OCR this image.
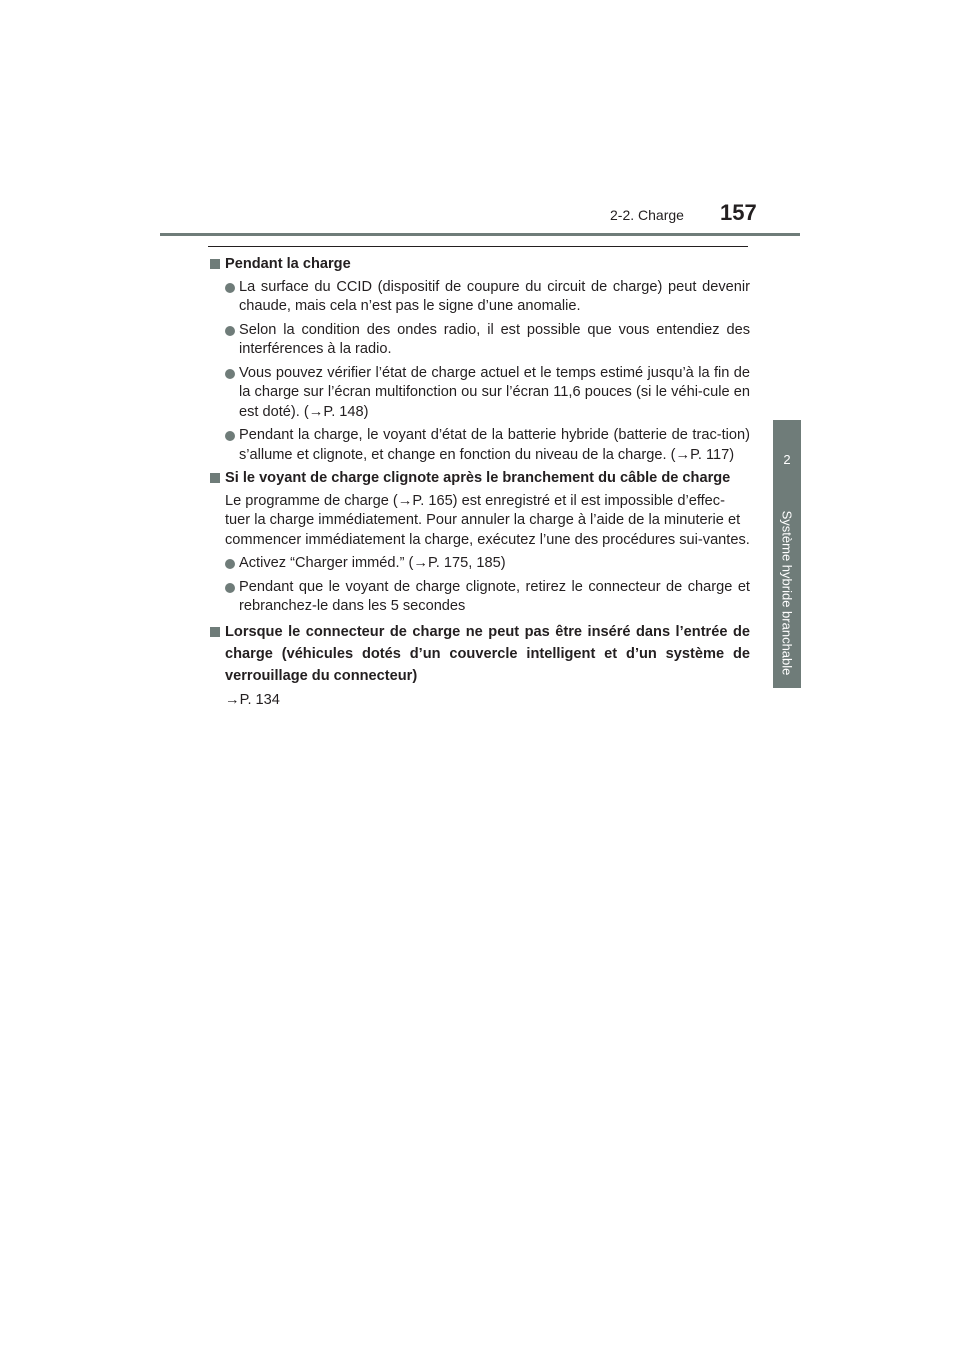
2-2. Charge 157
2
Système hybride branchable
Pendant la charge
La surface du CCID (dispositif de coupure du circuit de charge) peut devenir chaude, mais cela n’est pas le signe d’une anomalie.
Selon la condition des ondes radio, il est possible que vous entendiez des interférences à la radio.
Vous pouvez vérifier l’état de charge actuel et le temps estimé jusqu’à la fin de la charge sur l’écran multifonction ou sur l’écran 11,6 pouces (si le véhi-cule en est doté). (→P. 148)
Pendant la charge, le voyant d’état de la batterie hybride (batterie de trac-tion) s’allume et clignote, et change en fonction du niveau de la charge. (→P. 117)
Si le voyant de charge clignote après le branchement du câble de charge
Le programme de charge (→P. 165) est enregistré et il est impossible d’effec-tuer la charge immédiatement. Pour annuler la charge à l’aide de la minuterie et commencer immédiatement la charge, exécutez l’une des procédures sui-vantes.
Activez “Charger imméd.” (→P. 175, 185)
Pendant que le voyant de charge clignote, retirez le connecteur de charge et rebranchez-le dans les 5 secondes
Lorsque le connecteur de charge ne peut pas être inséré dans l’entrée de charge (véhicules dotés d’un couvercle intelligent et d’un système de verrouillage du connecteur)
→P. 134
